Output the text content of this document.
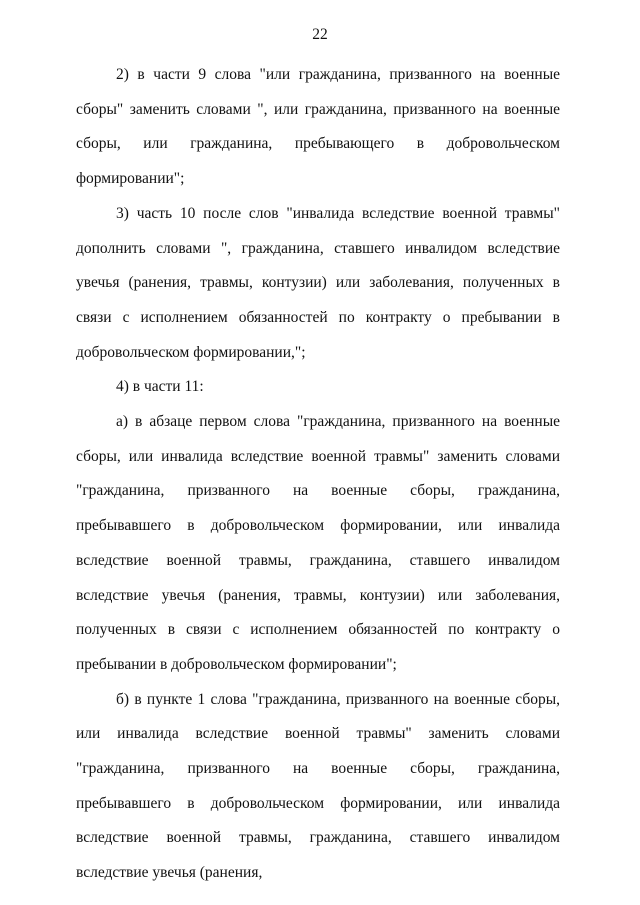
22

2) в части 9 слова "или гражданина, призванного на военные сборы" заменить словами ", или гражданина, призванного на военные сборы, или гражданина, пребывающего в добровольческом формировании";

3) часть 10 после слов "инвалида вследствие военной травмы" дополнить словами ", гражданина, ставшего инвалидом вследствие увечья (ранения, травмы, контузии) или заболевания, полученных в связи с исполнением обязанностей по контракту о пребывании в добровольческом формировании,";

4) в части 11:

а) в абзаце первом слова "гражданина, призванного на военные сборы, или инвалида вследствие военной травмы" заменить словами "гражданина, призванного на военные сборы, гражданина, пребывавшего в добровольческом формировании, или инвалида вследствие военной травмы, гражданина, ставшего инвалидом вследствие увечья (ранения, травмы, контузии) или заболевания, полученных в связи с исполнением обязанностей по контракту о пребывании в добровольческом формировании";

б) в пункте 1 слова "гражданина, призванного на военные сборы, или инвалида вследствие военной травмы" заменить словами "гражданина, призванного на военные сборы, гражданина, пребывавшего в добровольческом формировании, или инвалида вследствие военной травмы, гражданина, ставшего инвалидом вследствие увечья (ранения,
